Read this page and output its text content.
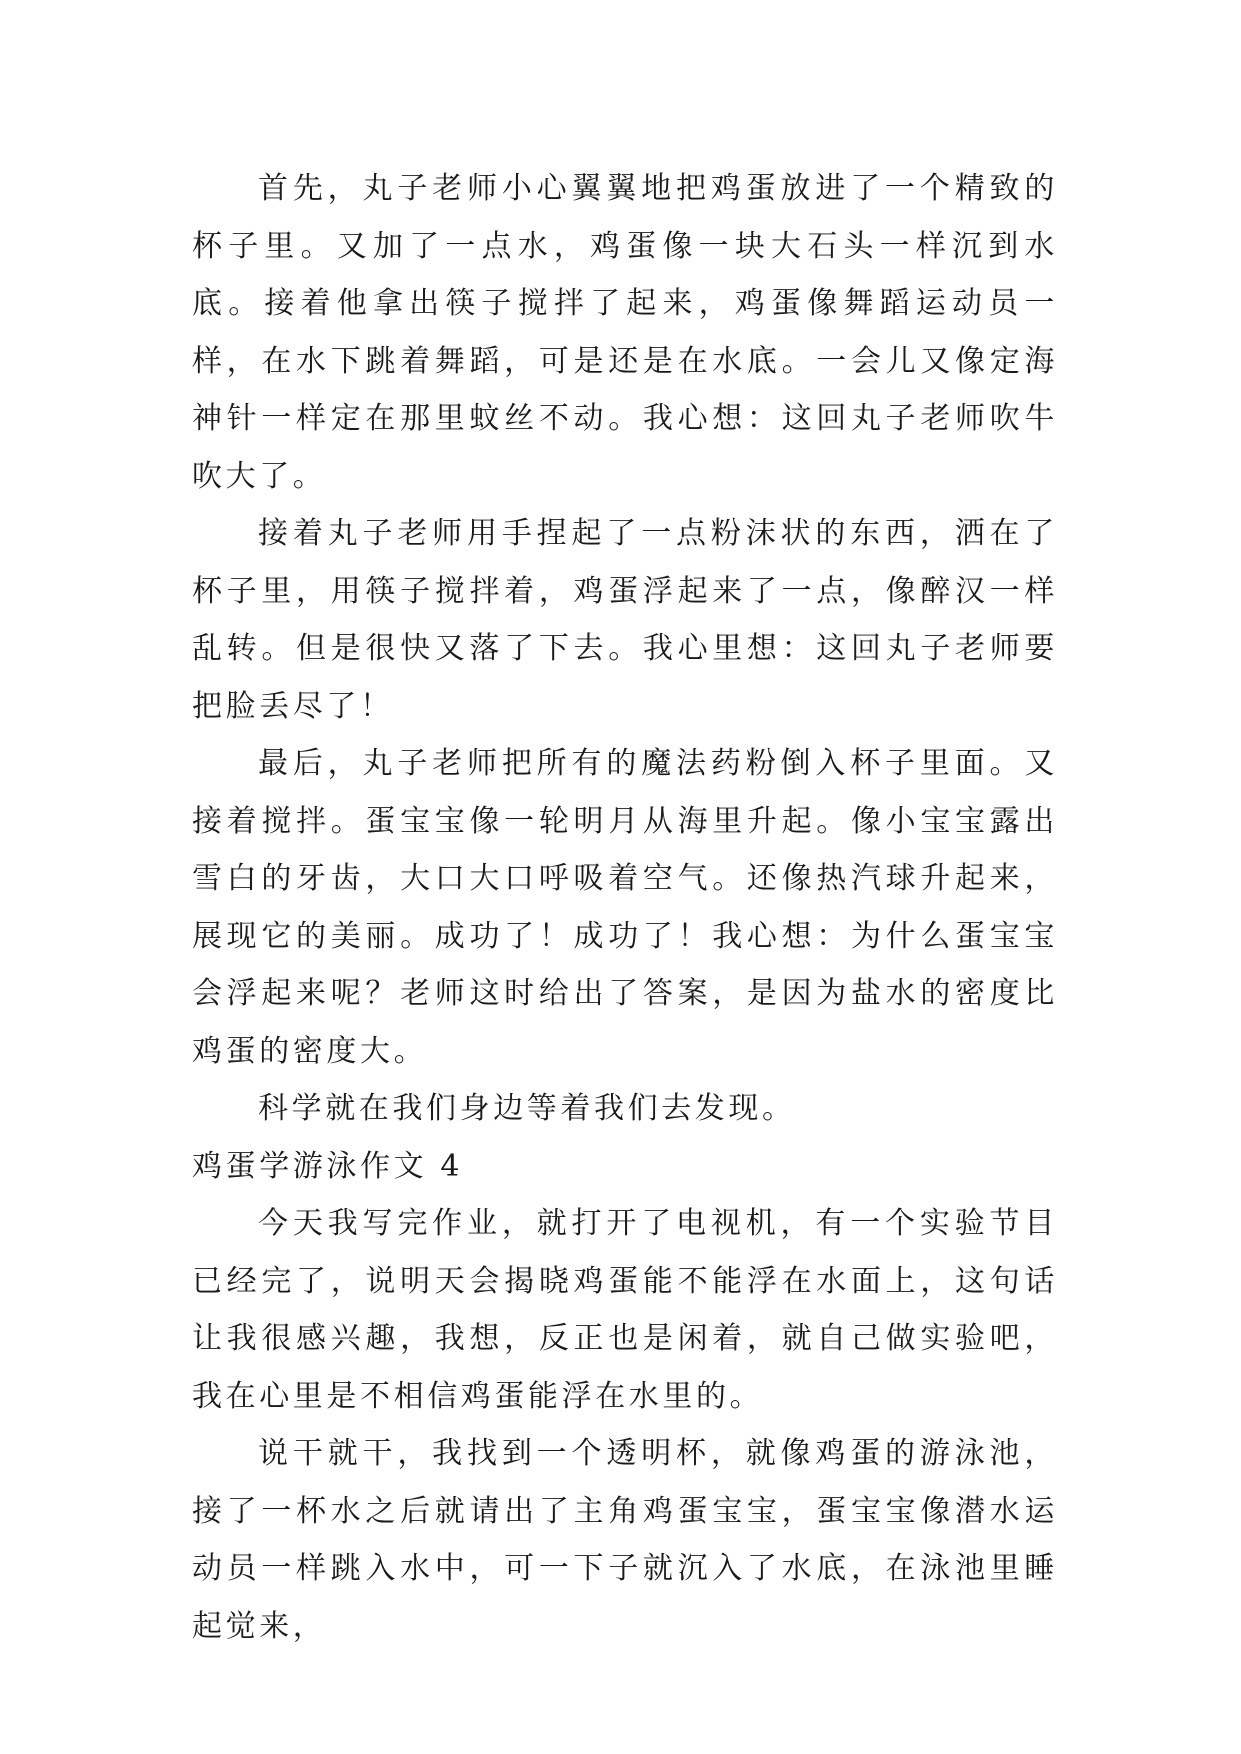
首先，丸子老师小心翼翼地把鸡蛋放进了一个精致的杯子里。又加了一点水，鸡蛋像一块大石头一样沉到水底。接着他拿出筷子搅拌了起来，鸡蛋像舞蹈运动员一样，在水下跳着舞蹈，可是还是在水底。一会儿又像定海神针一样定在那里蚊丝不动。我心想：这回丸子老师吹牛吹大了。

接着丸子老师用手捏起了一点粉沫状的东西，洒在了杯子里，用筷子搅拌着，鸡蛋浮起来了一点，像醉汉一样乱转。但是很快又落了下去。我心里想：这回丸子老师要把脸丢尽了！

最后，丸子老师把所有的魔法药粉倒入杯子里面。又接着搅拌。蛋宝宝像一轮明月从海里升起。像小宝宝露出雪白的牙齿，大口大口呼吸着空气。还像热汽球升起来，展现它的美丽。成功了！成功了！我心想：为什么蛋宝宝会浮起来呢？老师这时给出了答案，是因为盐水的密度比鸡蛋的密度大。

科学就在我们身边等着我们去发现。

鸡蛋学游泳作文 4

今天我写完作业，就打开了电视机，有一个实验节目已经完了，说明天会揭晓鸡蛋能不能浮在水面上，这句话让我很感兴趣，我想，反正也是闲着，就自己做实验吧，我在心里是不相信鸡蛋能浮在水里的。

说干就干，我找到一个透明杯，就像鸡蛋的游泳池，接了一杯水之后就请出了主角鸡蛋宝宝，蛋宝宝像潜水运动员一样跳入水中，可一下子就沉入了水底，在泳池里睡起觉来，
